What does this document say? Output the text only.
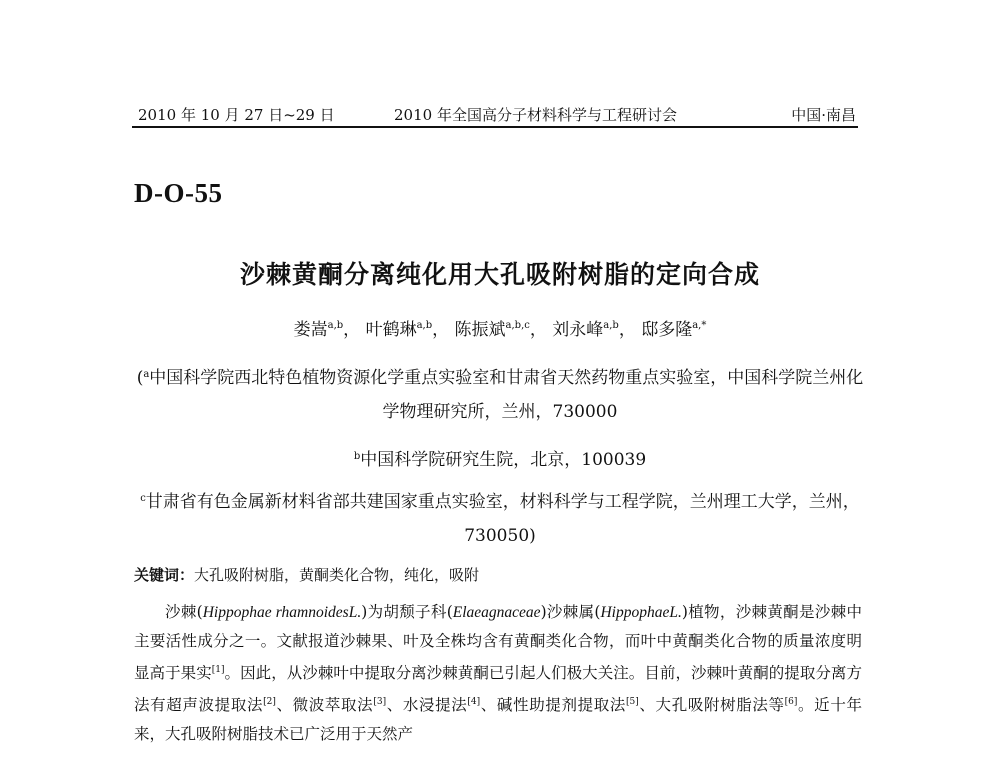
2010 年 10 月 27 日~29 日	2010 年全国高分子材料科学与工程研讨会	中国·南昌
D-O-55
沙棘黄酮分离纯化用大孔吸附树脂的定向合成
娄嵩$^{a,b}$， 叶鹤琳$^{a,b}$， 陈振斌$^{a,b,c}$， 刘永峰$^{a,b}$， 邸多隆$^{a,*}$
($^a$中国科学院西北特色植物资源化学重点实验室和甘肃省天然药物重点实验室，中国科学院兰州化学物理研究所，兰州，730000
$^b$中国科学院研究生院，北京，100039
$^c$甘肃省有色金属新材料省部共建国家重点实验室，材料科学与工程学院，兰州理工大学，兰州，730050)
关键词：大孔吸附树脂，黄酮类化合物，纯化，吸附
沙棘(Hippophae rhamnoidesL.)为胡颓子科(Elaeagnaceae)沙棘属(HippophaeL.)植物，沙棘黄酮是沙棘中主要活性成分之一。文献报道沙棘果、叶及全株均含有黄酮类化合物，而叶中黄酮类化合物的质量浓度明显高于果实[1]。因此，从沙棘叶中提取分离沙棘黄酮已引起人们极大关注。目前，沙棘叶黄酮的提取分离方法有超声波提取法[2]、微波萃取法[3]、水浸提法[4]、碱性助提剂提取法[5]、大孔吸附树脂法等[6]。近十年来，大孔吸附树脂技术已广泛用于天然产
